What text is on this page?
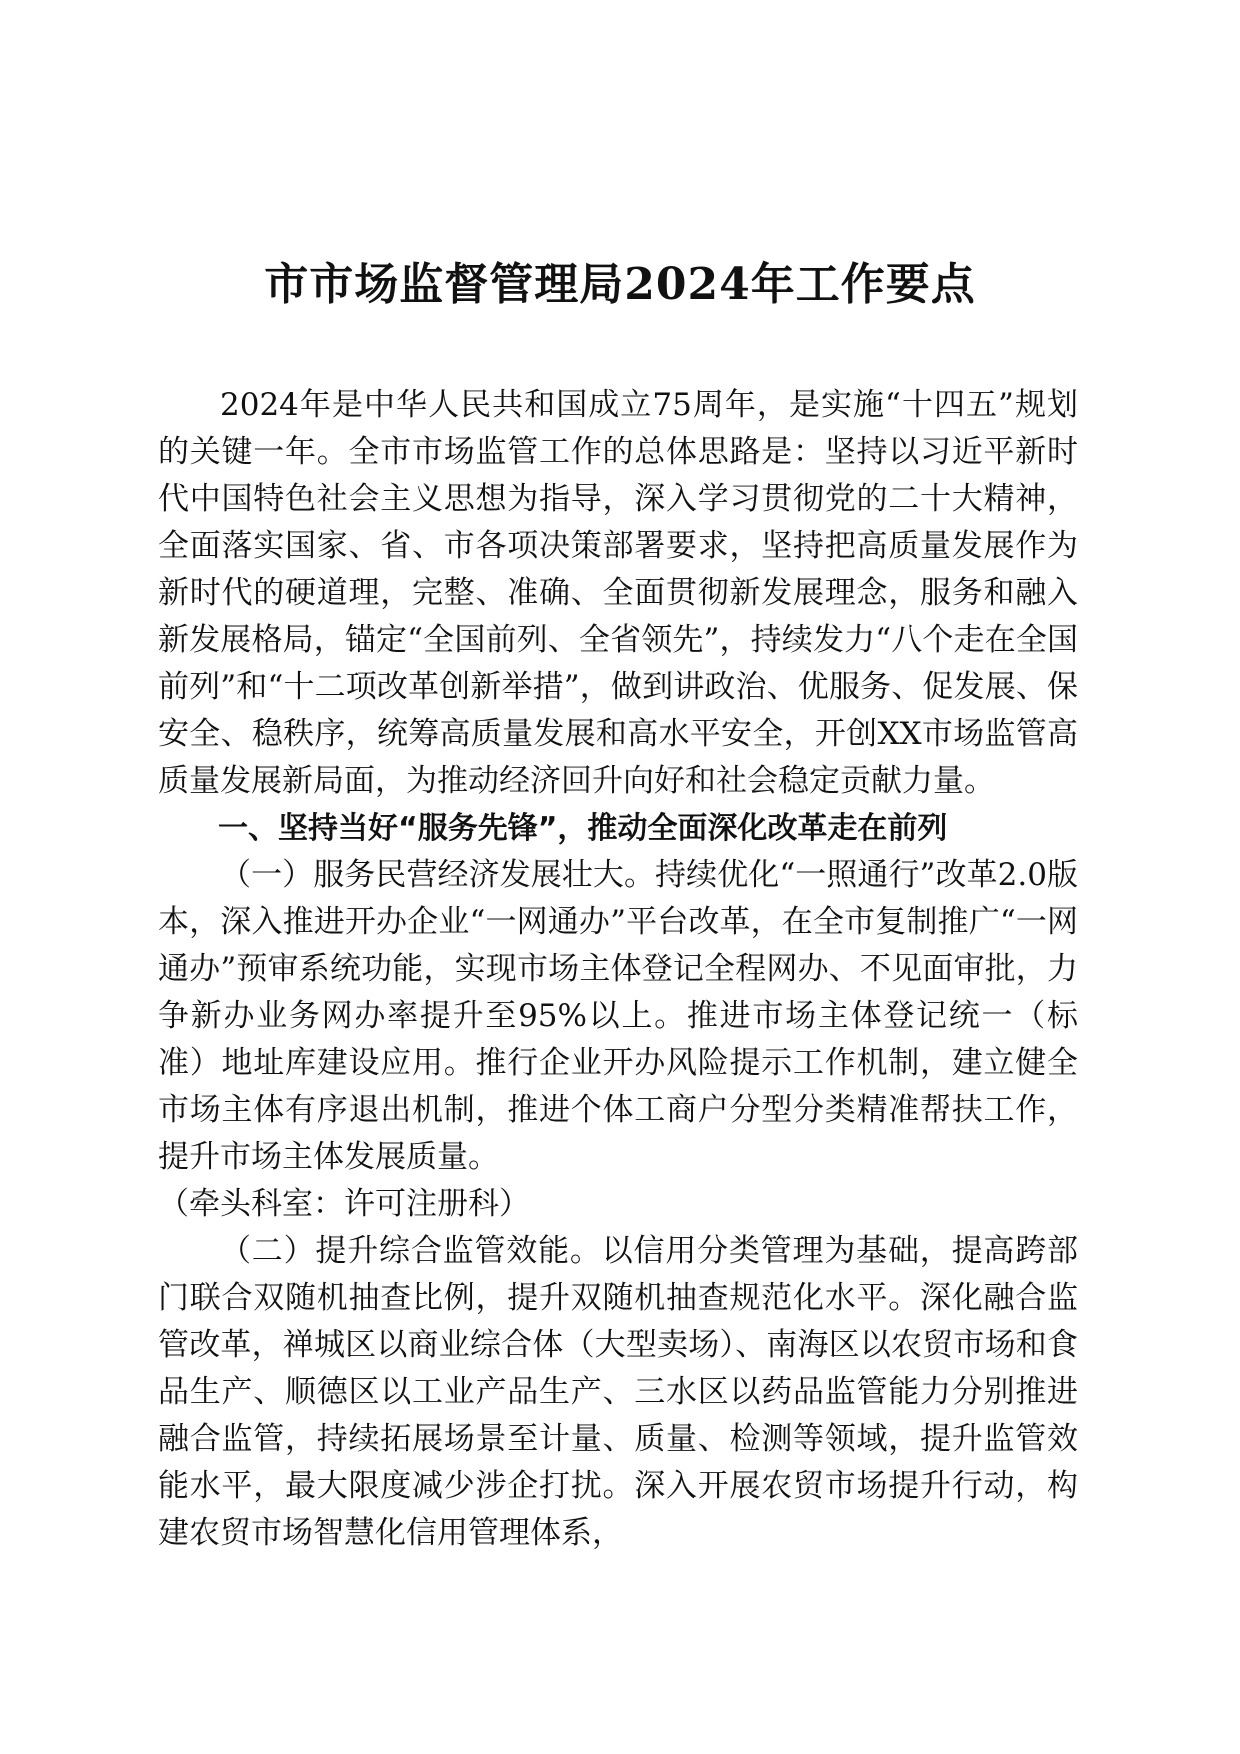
市市场监督管理局2024年工作要点

2024年是中华人民共和国成立75周年，是实施“十四五”规划的关键一年。全市市场监管工作的总体思路是：坚持以习近平新时代中国特色社会主义思想为指导，深入学习贯彻党的二十大精神，全面落实国家、省、市各项决策部署要求，坚持把高质量发展作为新时代的硬道理，完整、准确、全面贯彻新发展理念，服务和融入新发展格局，锚定“全国前列、全省领先”，持续发力“八个走在全国前列”和“十二项改革创新举措”，做到讲政治、优服务、促发展、保安全、稳秩序，统筹高质量发展和高水平安全，开创XX市场监管高质量发展新局面，为推动经济回升向好和社会稳定贡献力量。

一、坚持当好“服务先锋”，推动全面深化改革走在前列

（一）服务民营经济发展壮大。持续优化“一照通行”改革2.0版本，深入推进开办企业“一网通办”平台改革，在全市复制推广“一网通办”预审系统功能，实现市场主体登记全程网办、不见面审批，力争新办业务网办率提升至95%以上。推进市场主体登记统一（标准）地址库建设应用。推行企业开办风险提示工作机制，建立健全市场主体有序退出机制，推进个体工商户分型分类精准帮扶工作，提升市场主体发展质量。

（牵头科室：许可注册科）

（二）提升综合监管效能。以信用分类管理为基础，提高跨部门联合双随机抽查比例，提升双随机抽查规范化水平。深化融合监管改革，禅城区以商业综合体（大型卖场）、南海区以农贸市场和食品生产、顺德区以工业产品生产、三水区以药品监管能力分别推进融合监管，持续拓展场景至计量、质量、检测等领域，提升监管效能水平，最大限度减少涉企打扰。深入开展农贸市场提升行动，构建农贸市场智慧化信用管理体系，
